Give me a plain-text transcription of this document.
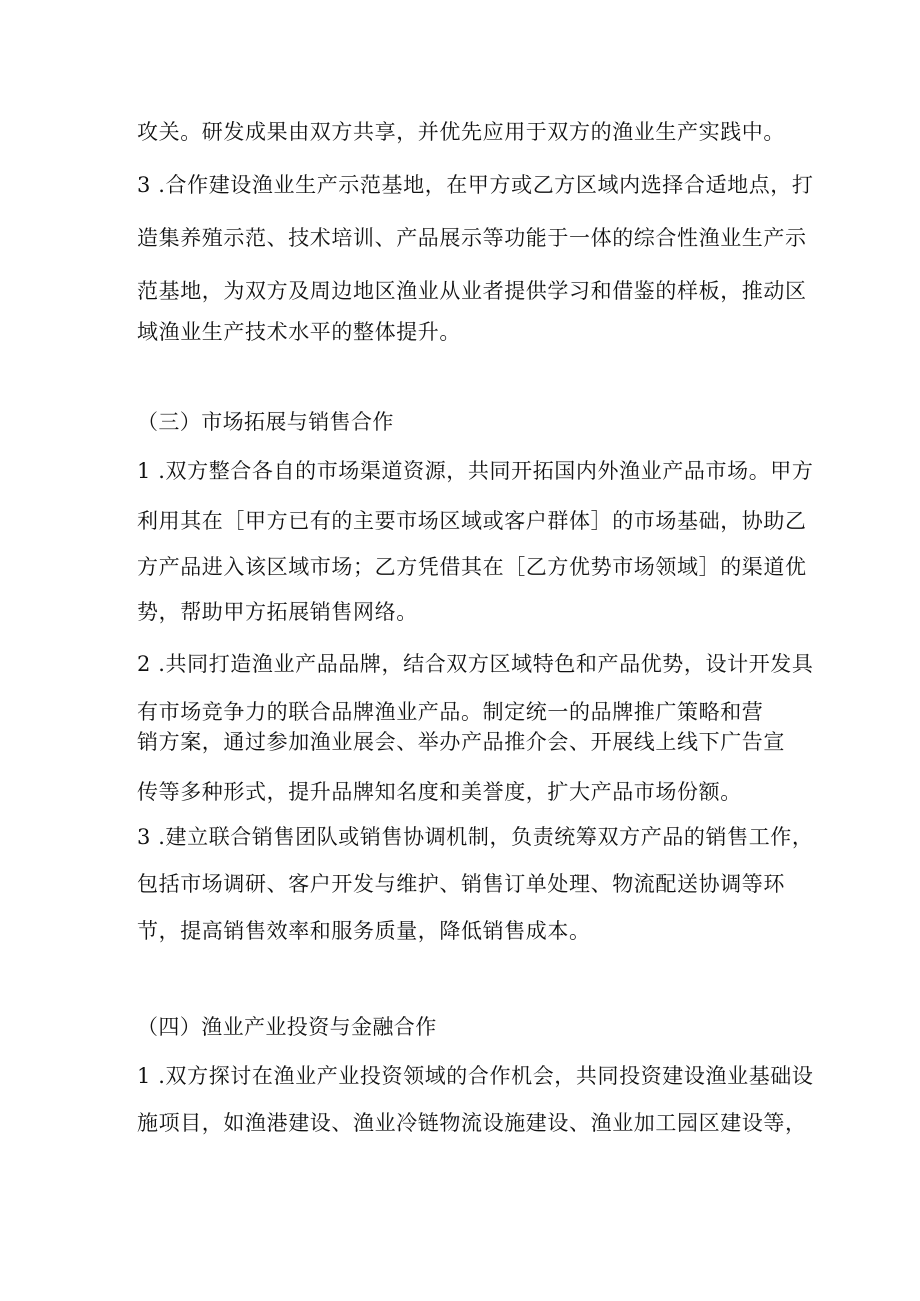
攻关。研发成果由双方共享，并优先应用于双方的渔业生产实践中。
3 .合作建设渔业生产示范基地，在甲方或乙方区域内选择合适地点，打
造集养殖示范、技术培训、产品展示等功能于一体的综合性渔业生产示
范基地，为双方及周边地区渔业从业者提供学习和借鉴的样板，推动区
域渔业生产技术水平的整体提升。
（三）市场拓展与销售合作
1 .双方整合各自的市场渠道资源，共同开拓国内外渔业产品市场。甲方
利用其在［甲方已有的主要市场区域或客户群体］的市场基础，协助乙
方产品进入该区域市场；乙方凭借其在［乙方优势市场领域］的渠道优
势，帮助甲方拓展销售网络。
2 .共同打造渔业产品品牌，结合双方区域特色和产品优势，设计开发具
有市场竞争力的联合品牌渔业产品。制定统一的品牌推广策略和营
销方案，通过参加渔业展会、举办产品推介会、开展线上线下广告宣
传等多种形式，提升品牌知名度和美誉度，扩大产品市场份额。
3 .建立联合销售团队或销售协调机制，负责统筹双方产品的销售工作，
包括市场调研、客户开发与维护、销售订单处理、物流配送协调等环
节，提高销售效率和服务质量，降低销售成本。
（四）渔业产业投资与金融合作
1 .双方探讨在渔业产业投资领域的合作机会，共同投资建设渔业基础设
施项目，如渔港建设、渔业冷链物流设施建设、渔业加工园区建设等，
